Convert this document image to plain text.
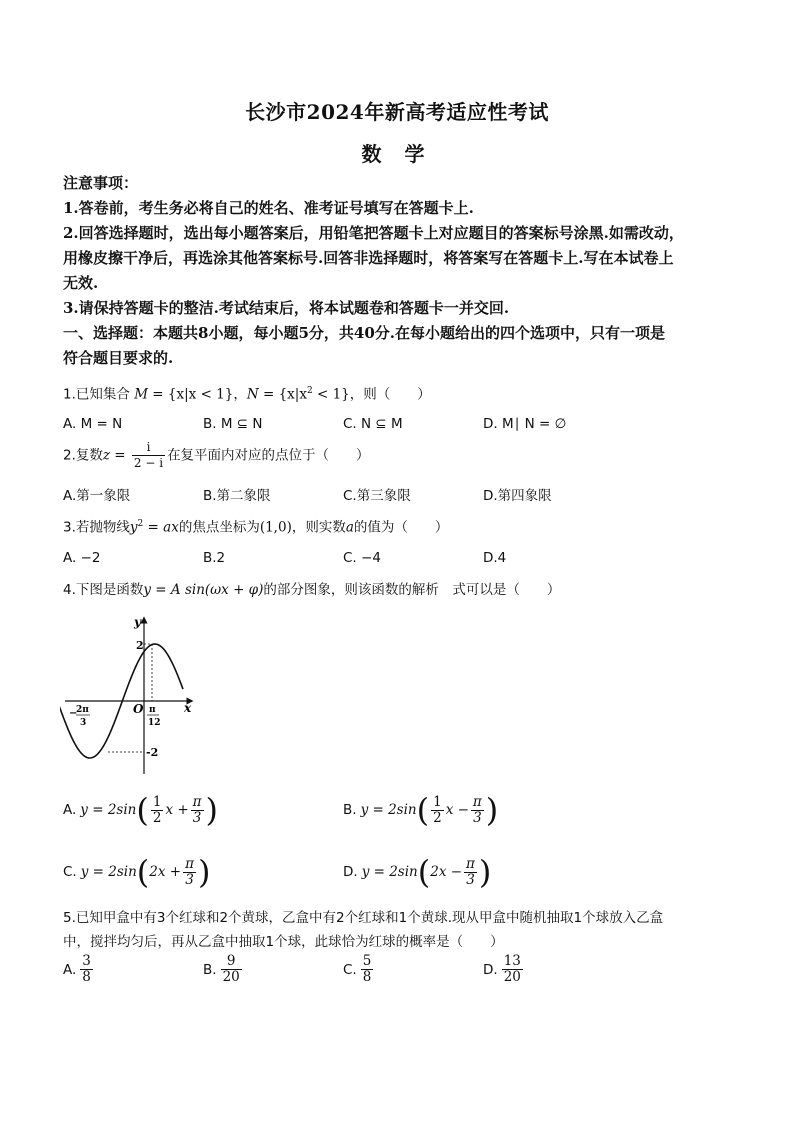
长沙市2024年新高考适应性考试
数 学
注意事项：
1.答卷前，考生务必将自己的姓名、准考证号填写在答题卡上.
2.回答选择题时，选出每小题答案后，用铅笔把答题卡上对应题目的答案标号涂黑.如需改动，
用橡皮擦干净后，再选涂其他答案标号.回答非选择题时，将答案写在答题卡上.写在本试卷上
无效.
3.请保持答题卡的整洁.考试结束后，将本试题卷和答题卡一并交回.
一、选择题：本题共8小题，每小题5分，共40分.在每小题给出的四个选项中，只有一项是
符合题目要求的.
1.已知集合 M = {x|x < 1}，$N = \{x|x^2 < 1\}$，则（　　）
A. M = N	B. M ⊆ N	C. N ⊆ M	D. M∣ N = ∅
2.复数$z = \frac{i}{2 - i}$ 在复平面内对应的点位于（　　）
A.第一象限	B.第二象限	C.第三象限	D.第四象限
3.若抛物线$y^2$ = ax的焦点坐标为(1,0)，则实数a的值为（　　）
A. −2	B.2	C. −4	D.4
4.下图是函数y = A sin(ωx + φ)的部分图象，则该函数的解析　式可以是（　　）
y
x
O
2
-2
−
2π
3
π
12
A. y = 2sin ( $\frac{1}{2}$ $x + \frac{\pi}{3}$ )	B. y = 2sin ( $\frac{1}{2}$ $x - \frac{\pi}{3}$ )
C. y = 2sin ( $2x + \frac{\pi}{3}$ )	D. y = 2sin ( $2x - \frac{\pi}{3}$ )
5.已知甲盒中有3个红球和2个黄球，乙盒中有2个红球和1个黄球.现从甲盒中随机抽取1个球放入乙盒
中，搅拌均匀后，再从乙盒中抽取1个球，此球恰为红球的概率是（　　）
A. $\frac{3}{8}$	B. $\frac{9}{20}$	C. $\frac{5}{8}$	D. $\frac{13}{20}$
